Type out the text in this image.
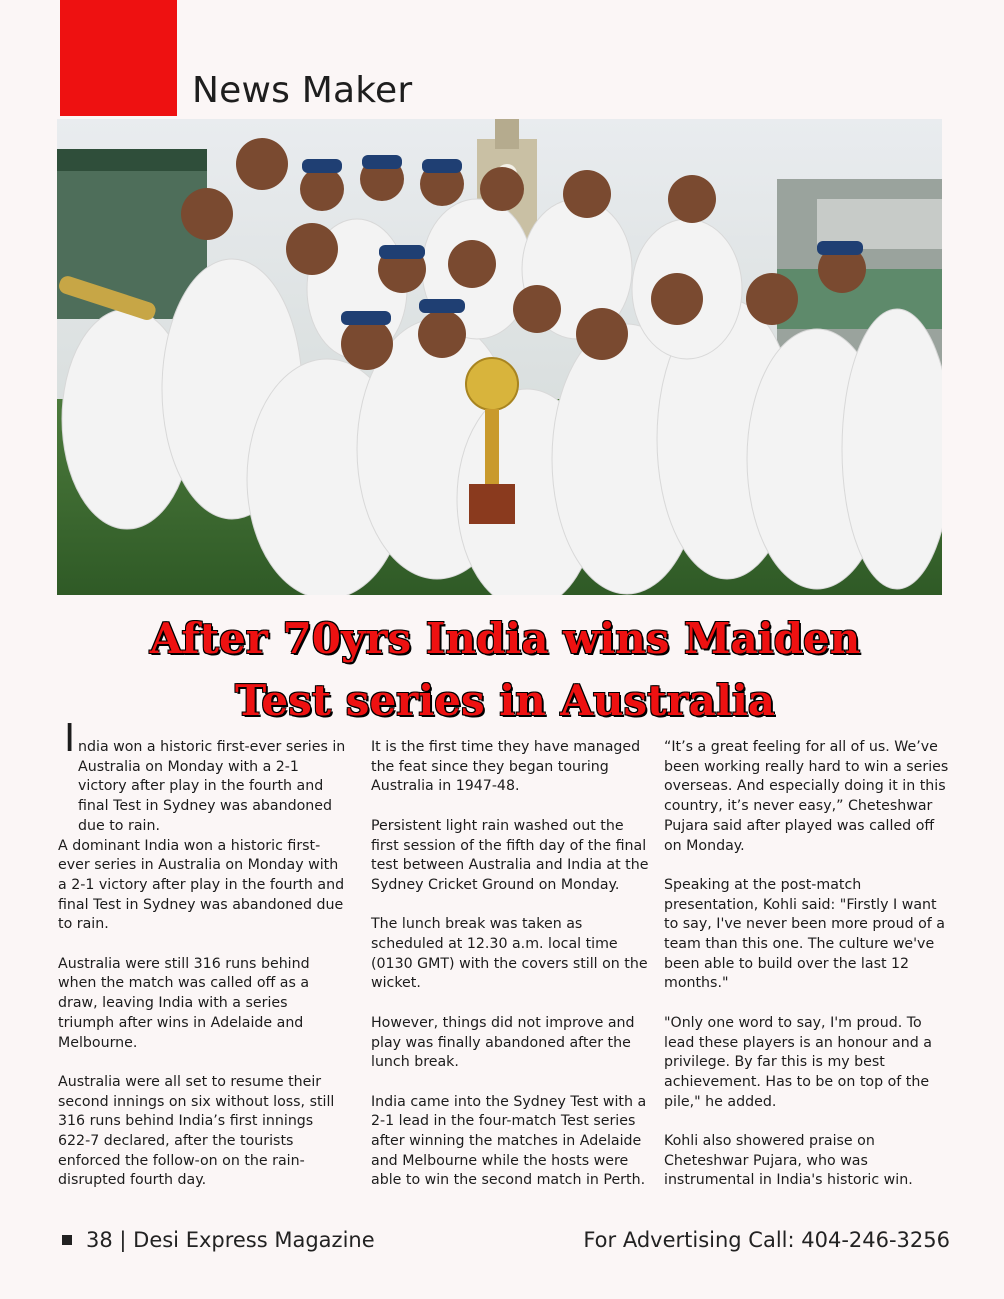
News Maker
After 70yrs India wins Maiden
Test series in Australia

I ndia won a historic first-ever series in Australia on Monday with a 2-1 victory after play in the fourth and final Test in Sydney was abandoned due to rain.

A dominant India won a historic first-ever series in Australia on Monday with a 2-1 victory after play in the fourth and final Test in Sydney was abandoned due to rain.

Australia were still 316 runs behind when the match was called off as a draw, leaving India with a series triumph after wins in Adelaide and Melbourne.

Australia were all set to resume their second innings on six without loss, still 316 runs behind India’s first innings 622-7 declared, after the tourists enforced the follow-on on the rain-disrupted fourth day.

It is the first time they have managed the feat since they began touring Australia in 1947-48.

Persistent light rain washed out the first session of the fifth day of the final test between Australia and India at the Sydney Cricket Ground on Monday.

The lunch break was taken as scheduled at 12.30 a.m. local time (0130 GMT) with the covers still on the wicket.

However, things did not improve and play was finally abandoned after the lunch break.

India came into the Sydney Test with a 2-1 lead in the four-match Test series after winning the matches in Adelaide and Melbourne while the hosts were able to win the second match in Perth.

“It’s a great feeling for all of us. We’ve been working really hard to win a series overseas. And especially doing it in this country, it’s never easy,” Cheteshwar Pujara said after played was called off on Monday.

Speaking at the post-match presentation, Kohli said: "Firstly I want to say, I've never been more proud of a team than this one. The culture we've been able to build over the last 12 months."

"Only one word to say, I'm proud. To lead these players is an honour and a privilege. By far this is my best achievement. Has to be on top of the pile," he added.

Kohli also showered praise on Cheteshwar Pujara, who was instrumental in India's historic win.

38 | Desi Express Magazine	For Advertising Call: 404-246-3256
